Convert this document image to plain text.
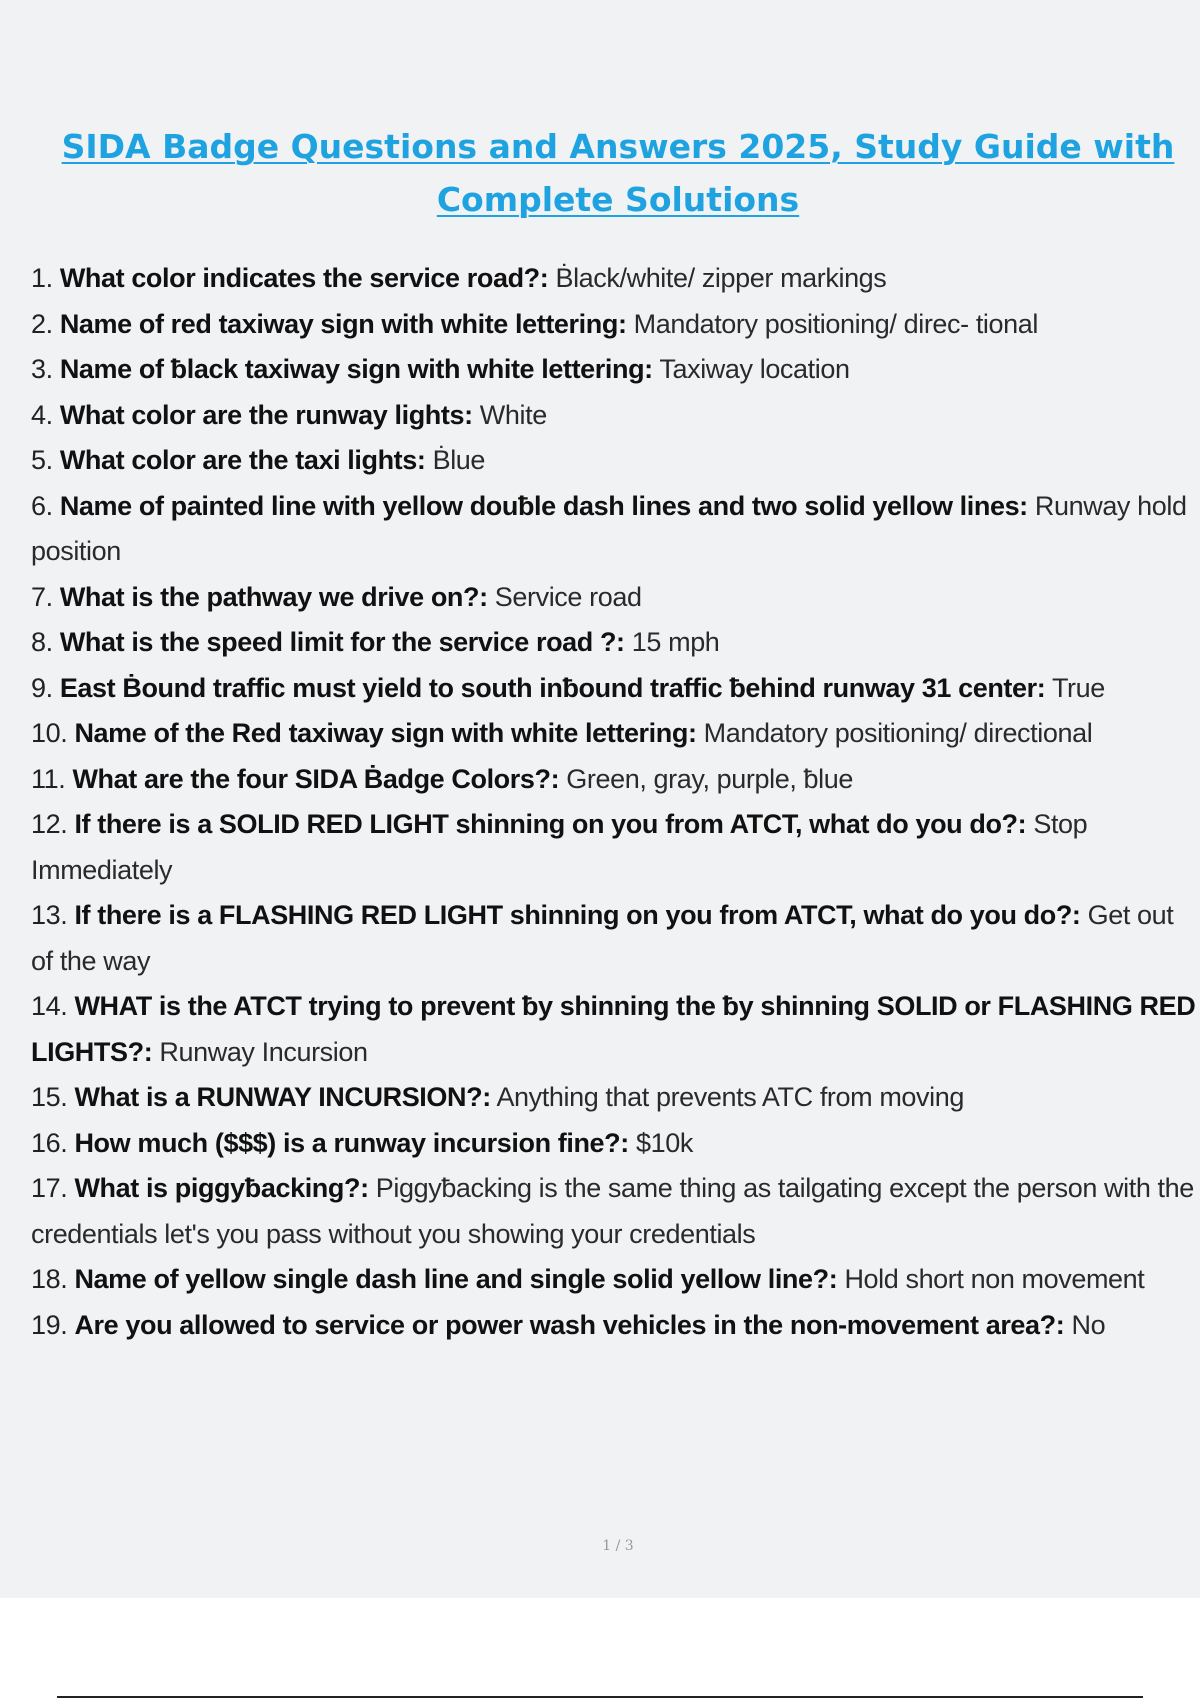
SIDA Badge Questions and Answers 2025, Study Guide with
Complete Solutions
1. What color indicates the service road?: Ḃlack/white/ zipper markings
2. Name of red taxiway sign with white lettering: Mandatory positioning/ direc- tional
3. Name of ƀlack taxiway sign with white lettering: Taxiway location
4. What color are the runway lights: White
5. What color are the taxi lights: Ḃlue
6. Name of painted line with yellow douƀle dash lines and two solid yellow lines: Runway hold position
7. What is the pathway we drive on?: Service road
8. What is the speed limit for the service road ?: 15 mph
9. East Ḃound traffic must yield to south inƀound traffic ƀehind runway 31 center: True
10. Name of the Red taxiway sign with white lettering: Mandatory positioning/ directional
11. What are the four SIDA Ḃadge Colors?: Green, gray, purple, ƀlue
12. If there is a SOLID RED LIGHT shinning on you from ATCT, what do you do?: Stop Immediately
13. If there is a FLASHING RED LIGHT shinning on you from ATCT, what do you do?: Get out of the way
14. WHAT is the ATCT trying to prevent ƀy shinning the ƀy shinning SOLID or FLASHING RED LIGHTS?: Runway Incursion
15. What is a RUNWAY INCURSION?: Anything that prevents ATC from moving
16. How much ($$$) is a runway incursion fine?: $10k
17. What is piggyƀacking?: Piggyƀacking is the same thing as tailgating except the person with the credentials let's you pass without you showing your credentials
18. Name of yellow single dash line and single solid yellow line?: Hold short non movement
19. Are you allowed to service or power wash vehicles in the non-movement area?: No
1 / 3
